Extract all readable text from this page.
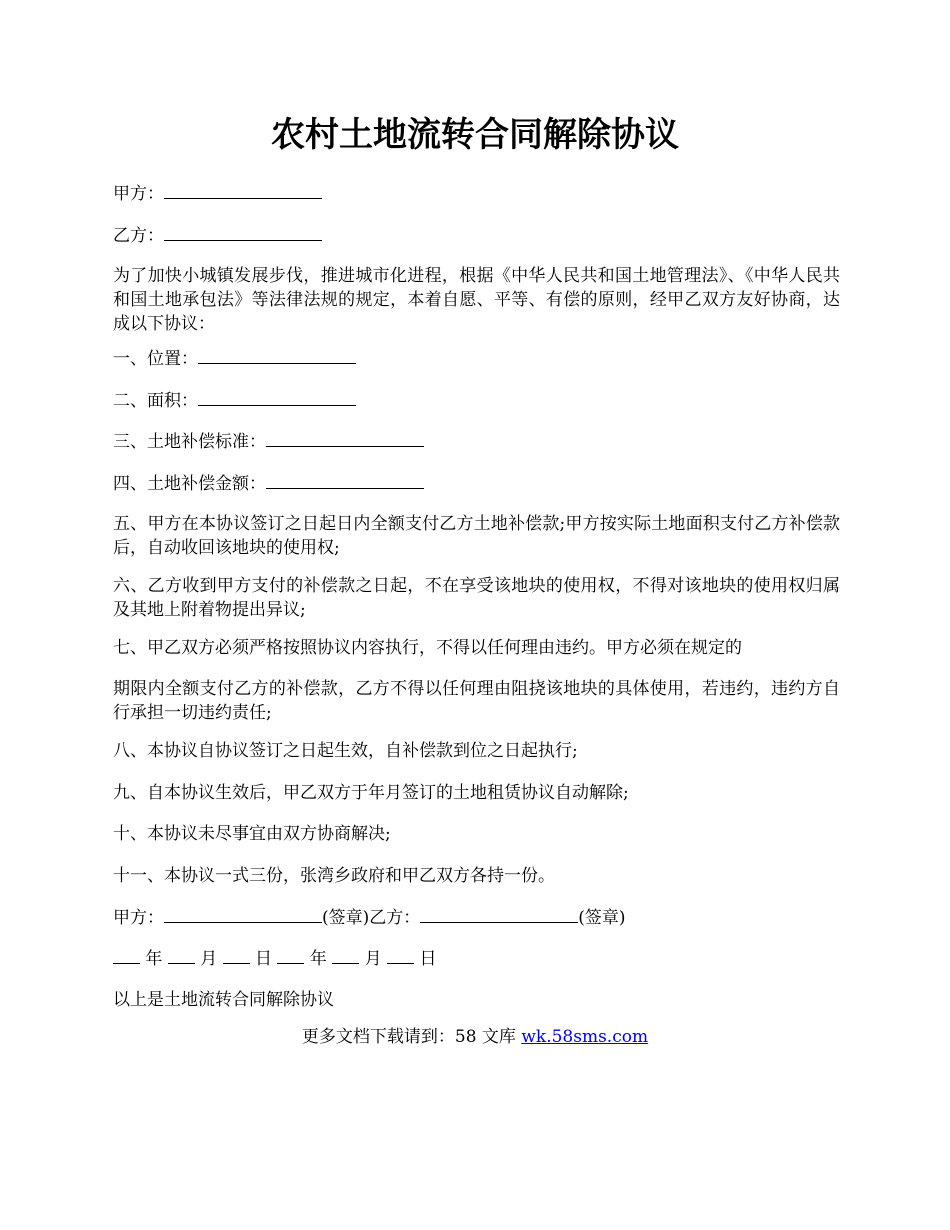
农村土地流转合同解除协议

甲方：

乙方：

为了加快小城镇发展步伐，推进城市化进程，根据《中华人民共和国土地管理法》、《中华人民共和国土地承包法》等法律法规的规定，本着自愿、平等、有偿的原则，经甲乙双方友好协商，达成以下协议：

一、位置：

二、面积：

三、土地补偿标准：

四、土地补偿金额：

五、甲方在本协议签订之日起日内全额支付乙方土地补偿款;甲方按实际土地面积支付乙方补偿款后，自动收回该地块的使用权;

六、乙方收到甲方支付的补偿款之日起，不在享受该地块的使用权，不得对该地块的使用权归属及其地上附着物提出异议;

七、甲乙双方必须严格按照协议内容执行，不得以任何理由违约。甲方必须在规定的

期限内全额支付乙方的补偿款，乙方不得以任何理由阻挠该地块的具体使用，若违约，违约方自行承担一切违约责任;

八、本协议自协议签订之日起生效，自补偿款到位之日起执行;

九、自本协议生效后，甲乙双方于年月签订的土地租赁协议自动解除;

十、本协议未尽事宜由双方协商解决;

十一、本协议一式三份，张湾乡政府和甲乙双方各持一份。

甲方：	(签章)乙方：	(签章)

年 月 日 年 月 日

以上是土地流转合同解除协议

更多文档下载请到：58 文库 wk.58sms.com
